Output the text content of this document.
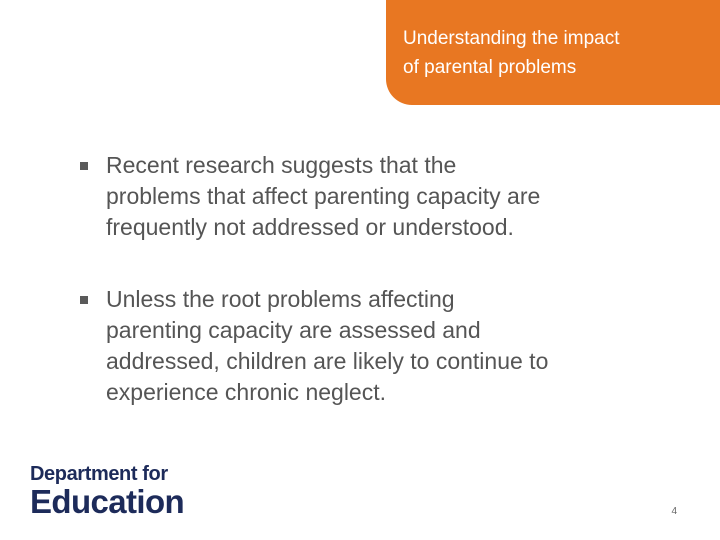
Understanding the impact
of parental problems
Recent research suggests that the
problems that affect parenting capacity are
frequently not addressed or understood.
Unless the root problems affecting
parenting capacity are assessed and
addressed, children are likely to continue to
experience chronic neglect.
Department for
Education	4
